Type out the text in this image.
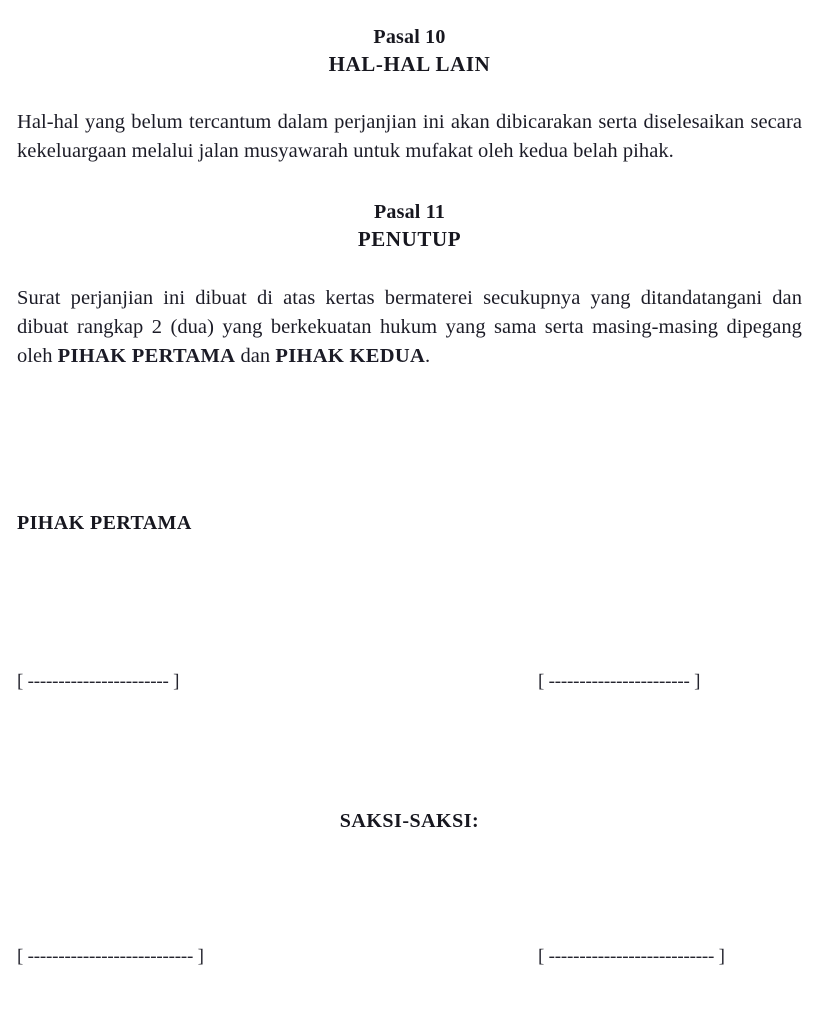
Pasal 10
HAL-HAL LAIN

Hal-hal yang belum tercantum dalam perjanjian ini akan dibicarakan serta diselesaikan secara kekeluargaan melalui jalan musyawarah untuk mufakat oleh kedua belah pihak.

Pasal 11
PENUTUP

Surat perjanjian ini dibuat di atas kertas bermaterei secukupnya yang ditandatangani dan dibuat rangkap 2 (dua) yang berkekuatan hukum yang sama serta masing-masing dipegang oleh PIHAK PERTAMA dan PIHAK KEDUA.

PIHAK PERTAMA
[ ----------------------- ]	[ ----------------------- ]
SAKSI-SAKSI:
[ --------------------------- ]	[ --------------------------- ]
